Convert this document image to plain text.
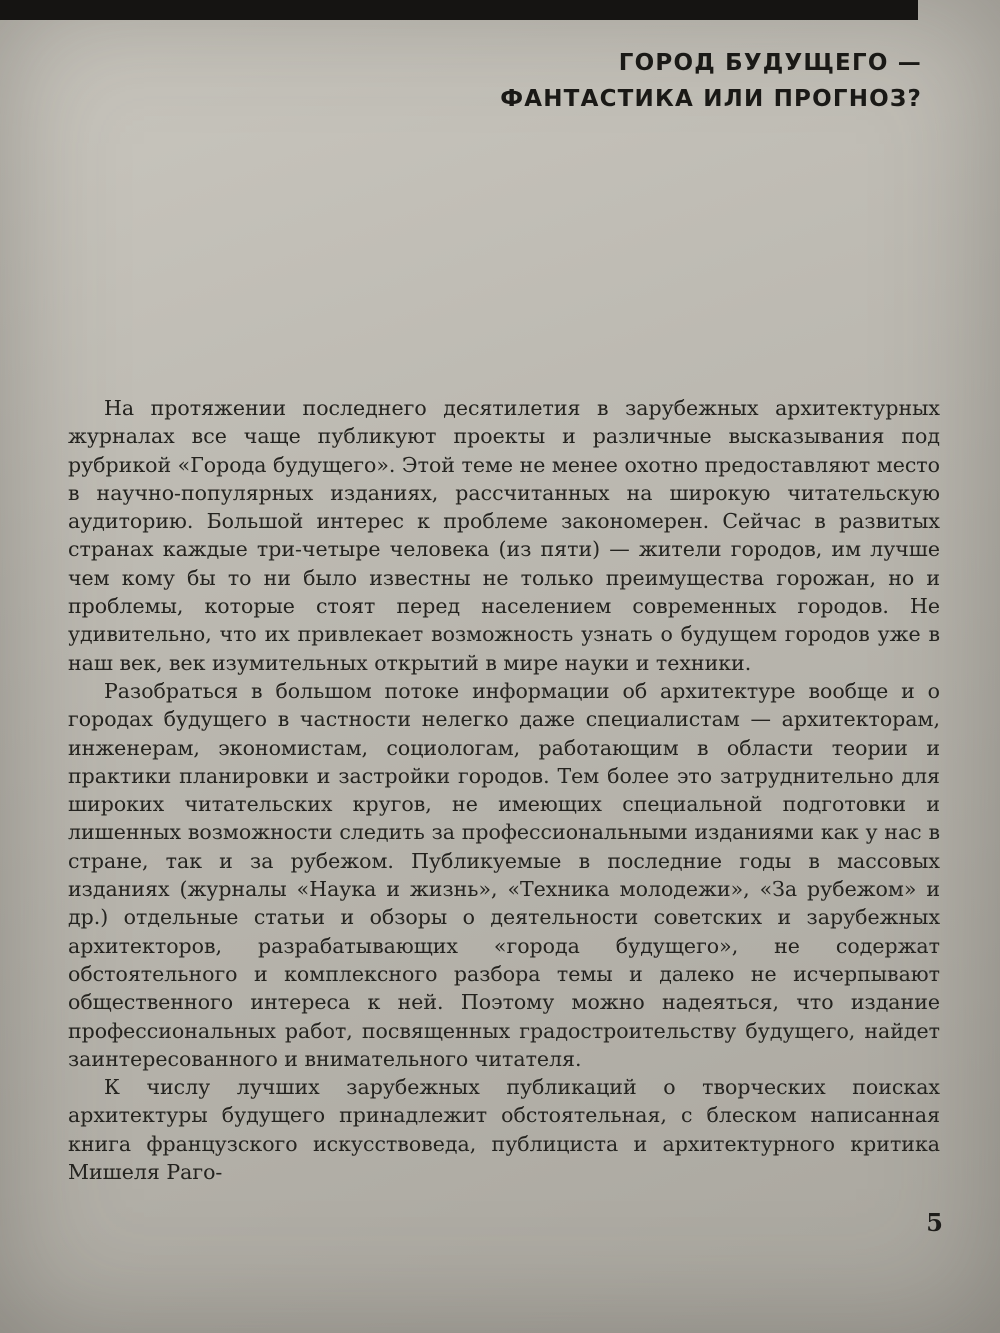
ГОРОД БУДУЩЕГО —
ФАНТАСТИКА ИЛИ ПРОГНОЗ?

На протяжении последнего десятилетия в зарубежных архитектурных журналах все чаще публикуют проекты и различные высказывания под рубрикой «Города будущего». Этой теме не менее охотно предоставляют место в научно-популярных изданиях, рассчитанных на широкую читательскую аудиторию. Большой интерес к проблеме закономерен. Сейчас в развитых странах каждые три-четыре человека (из пяти) — жители городов, им лучше чем кому бы то ни было известны не только преимущества горожан, но и проблемы, которые стоят перед населением современных городов. Не удивительно, что их привлекает возможность узнать о будущем городов уже в наш век, век изумительных открытий в мире науки и техники.

Разобраться в большом потоке информации об архитектуре вообще и о городах будущего в частности нелегко даже специалистам — архитекторам, инженерам, экономистам, социологам, работающим в области теории и практики планировки и застройки городов. Тем более это затруднительно для широких читательских кругов, не имеющих специальной подготовки и лишенных возможности следить за профессиональными изданиями как у нас в стране, так и за рубежом. Публикуемые в последние годы в массовых изданиях (журналы «Наука и жизнь», «Техника молодежи», «За рубежом» и др.) отдельные статьи и обзоры о деятельности советских и зарубежных архитекторов, разрабатывающих «города будущего», не содержат обстоятельного и комплексного разбора темы и далеко не исчерпывают общественного интереса к ней. Поэтому можно надеяться, что издание профессиональных работ, посвященных градостроительству будущего, найдет заинтересованного и внимательного читателя.

К числу лучших зарубежных публикаций о творческих поисках архитектуры будущего принадлежит обстоятельная, с блеском написанная книга французского искусствоведа, публициста и архитектурного критика Мишеля Раго-

5
